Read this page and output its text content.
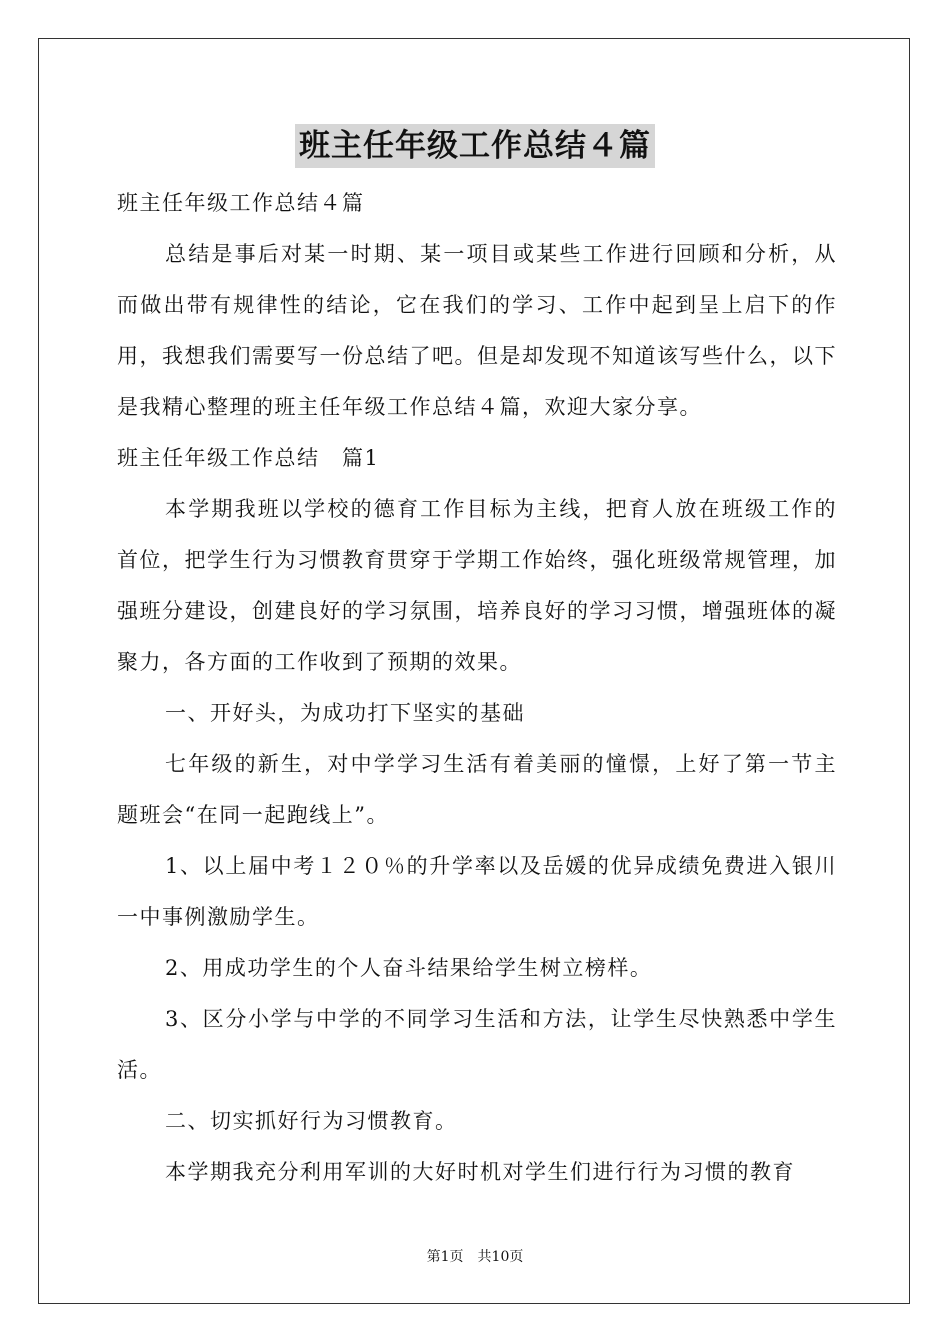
班主任年级工作总结４篇

班主任年级工作总结４篇

总结是事后对某一时期、某一项目或某些工作进行回顾和分析，从而做出带有规律性的结论，它在我们的学习、工作中起到呈上启下的作用，我想我们需要写一份总结了吧。但是却发现不知道该写些什么，以下是我精心整理的班主任年级工作总结４篇，欢迎大家分享。

班主任年级工作总结　篇1

本学期我班以学校的德育工作目标为主线，把育人放在班级工作的首位，把学生行为习惯教育贯穿于学期工作始终，强化班级常规管理，加强班分建设，创建良好的学习氛围，培养良好的学习习惯，增强班体的凝聚力，各方面的工作收到了预期的效果。

一、开好头，为成功打下坚实的基础

七年级的新生，对中学学习生活有着美丽的憧憬，上好了第一节主题班会“在同一起跑线上”。

1、以上届中考１２０％的升学率以及岳媛的优异成绩免费进入银川一中事例激励学生。

2、用成功学生的个人奋斗结果给学生树立榜样。

3、区分小学与中学的不同学习生活和方法，让学生尽快熟悉中学生活。

二、切实抓好行为习惯教育。

本学期我充分利用军训的大好时机对学生们进行行为习惯的教育

第1页　共10页
